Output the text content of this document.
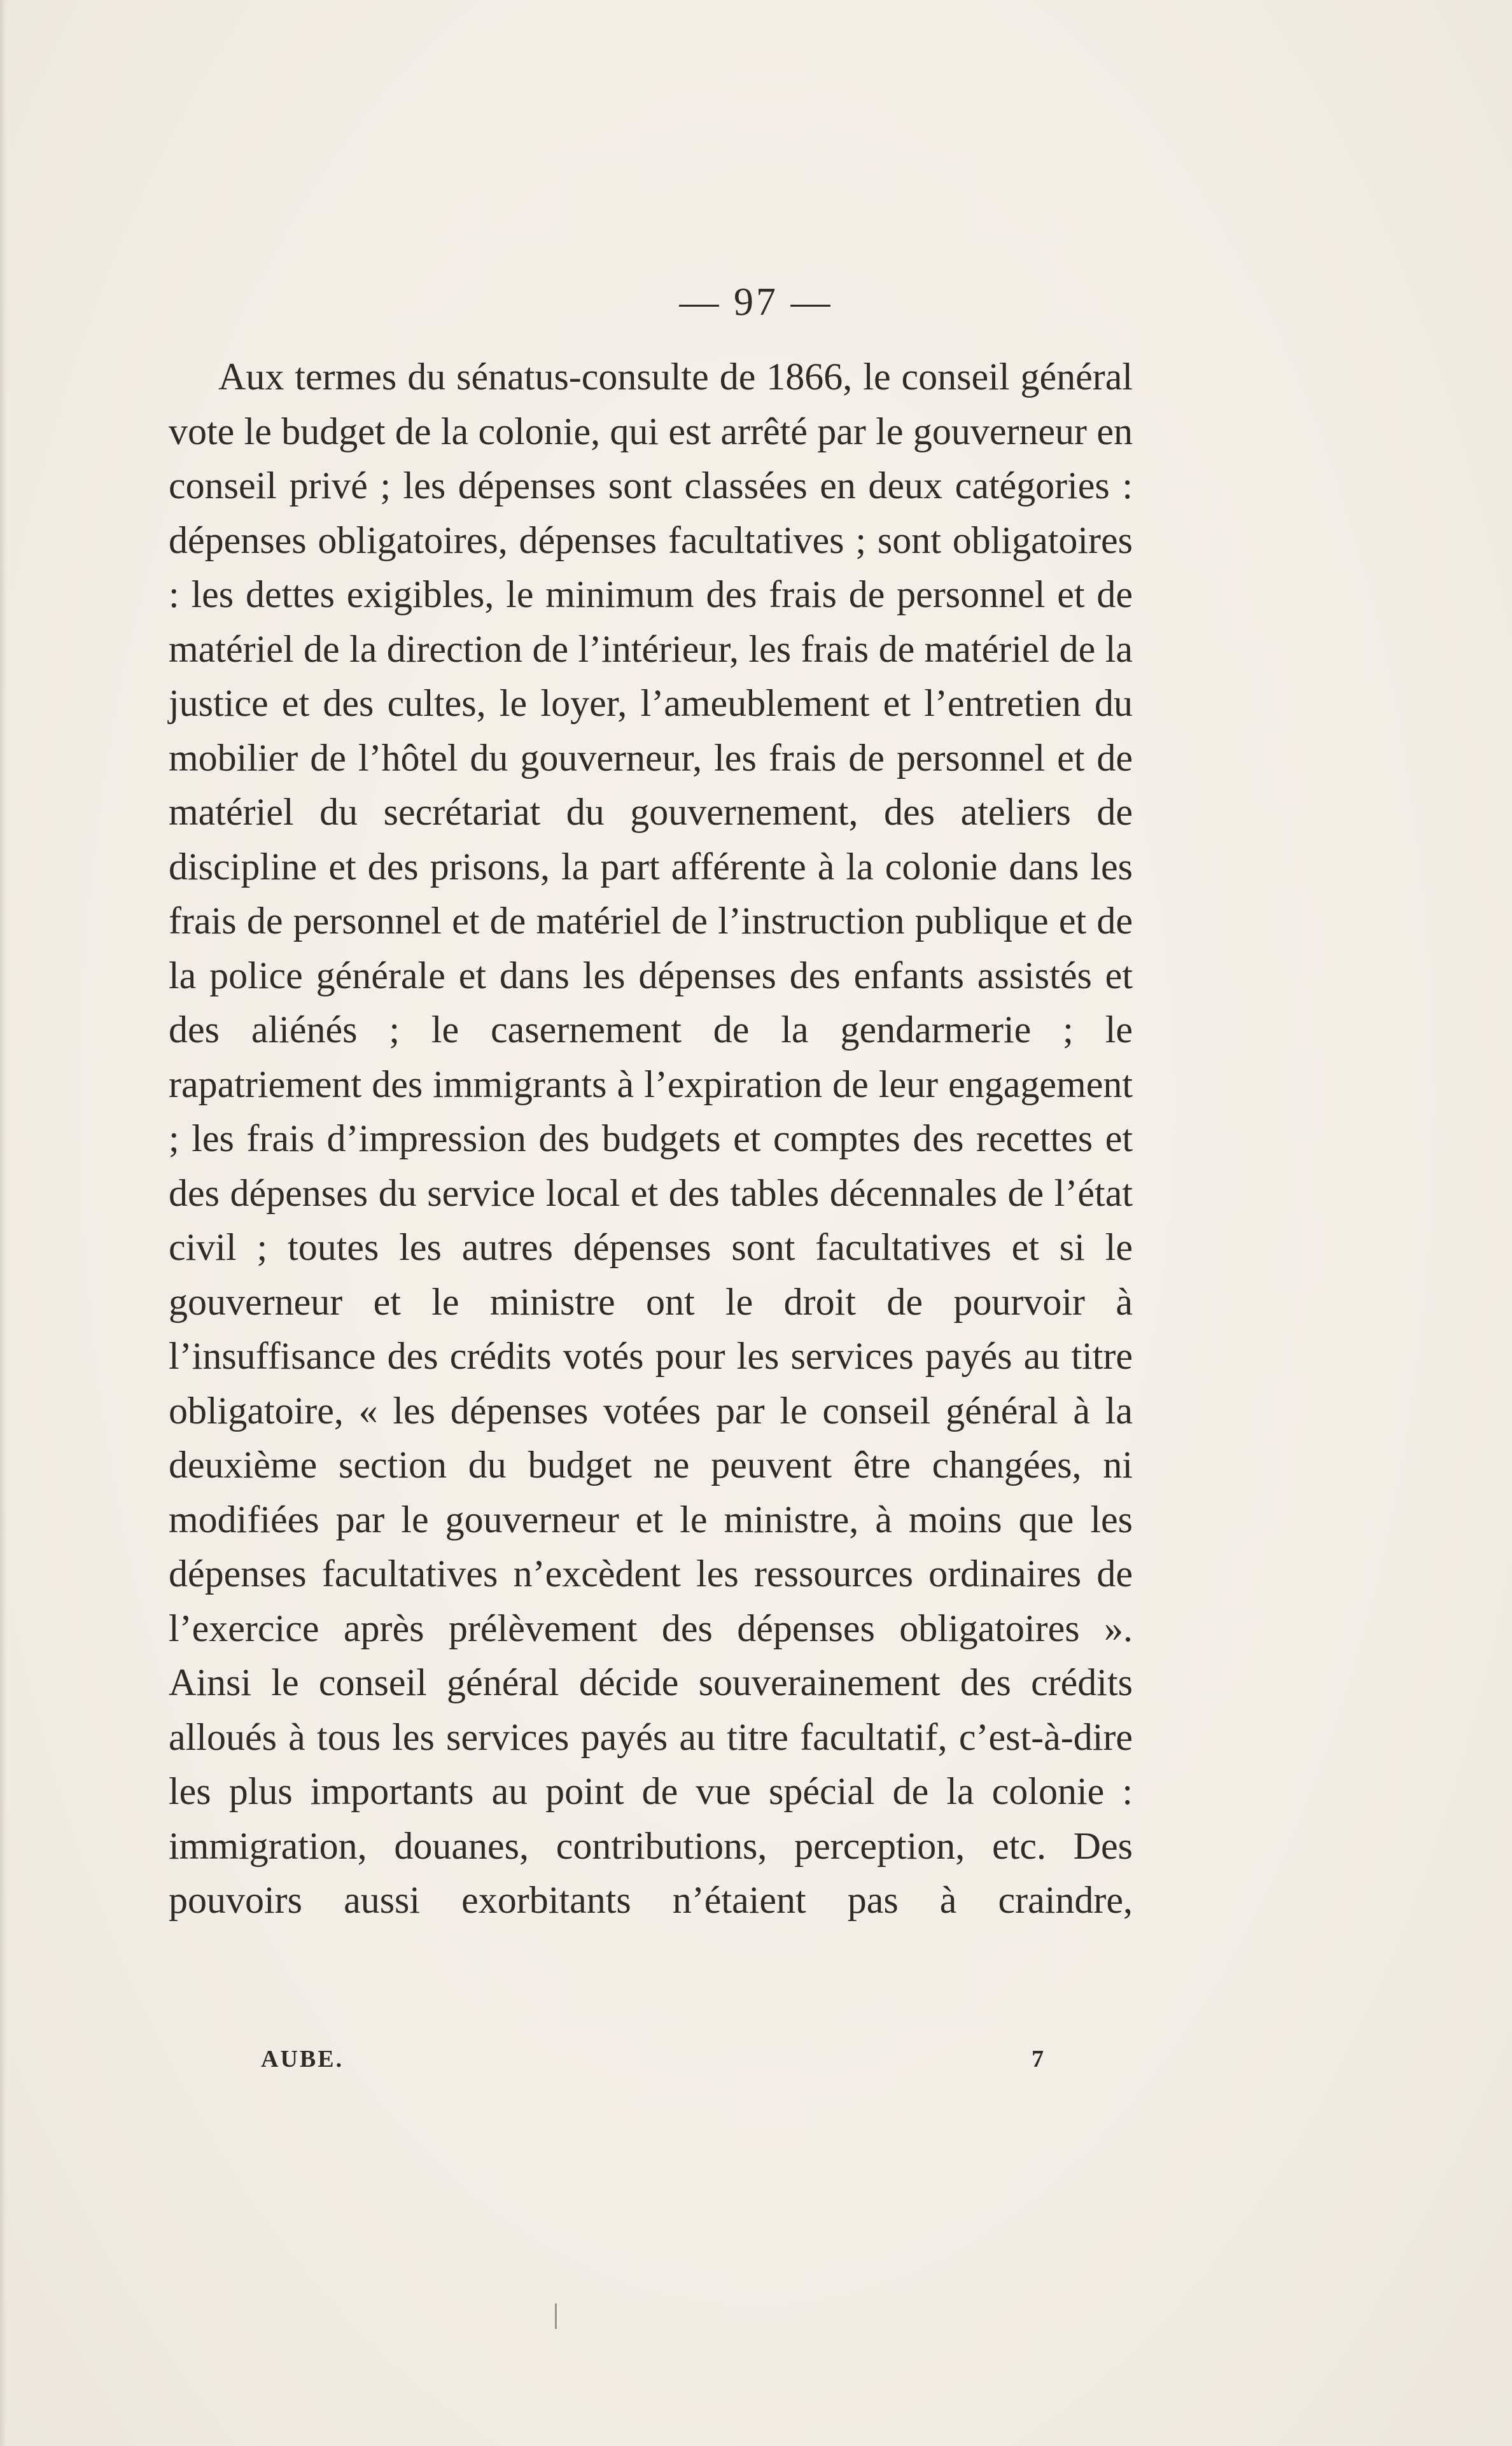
— 97 —

Aux termes du sénatus-consulte de 1866, le conseil général vote le budget de la colonie, qui est arrêté par le gouverneur en conseil privé ; les dépenses sont classées en deux catégories : dépenses obligatoires, dépenses facultatives ; sont obligatoires : les dettes exigibles, le minimum des frais de personnel et de matériel de la direction de l’intérieur, les frais de matériel de la justice et des cultes, le loyer, l’ameublement et l’entretien du mobilier de l’hôtel du gouverneur, les frais de personnel et de matériel du secrétariat du gouvernement, des ateliers de discipline et des prisons, la part afférente à la colonie dans les frais de personnel et de matériel de l’instruction publique et de la police générale et dans les dépenses des enfants assistés et des aliénés ; le casernement de la gendarmerie ; le rapatriement des immigrants à l’expiration de leur engagement ; les frais d’impression des budgets et comptes des recettes et des dépenses du service local et des tables décennales de l’état civil ; toutes les autres dépenses sont facultatives et si le gouverneur et le ministre ont le droit de pourvoir à l’insuffisance des crédits votés pour les services payés au titre obligatoire, « les dépenses votées par le conseil général à la deuxième section du budget ne peuvent être changées, ni modifiées par le gouverneur et le ministre, à moins que les dépenses facultatives n’excèdent les ressources ordinaires de l’exercice après prélèvement des dépenses obligatoires ». Ainsi le conseil général décide souverainement des crédits alloués à tous les services payés au titre facultatif, c’est-à-dire les plus importants au point de vue spécial de la colonie : immigration, douanes, contributions, perception, etc. Des pouvoirs aussi exorbitants n’étaient pas à craindre,

AUBE.	7
